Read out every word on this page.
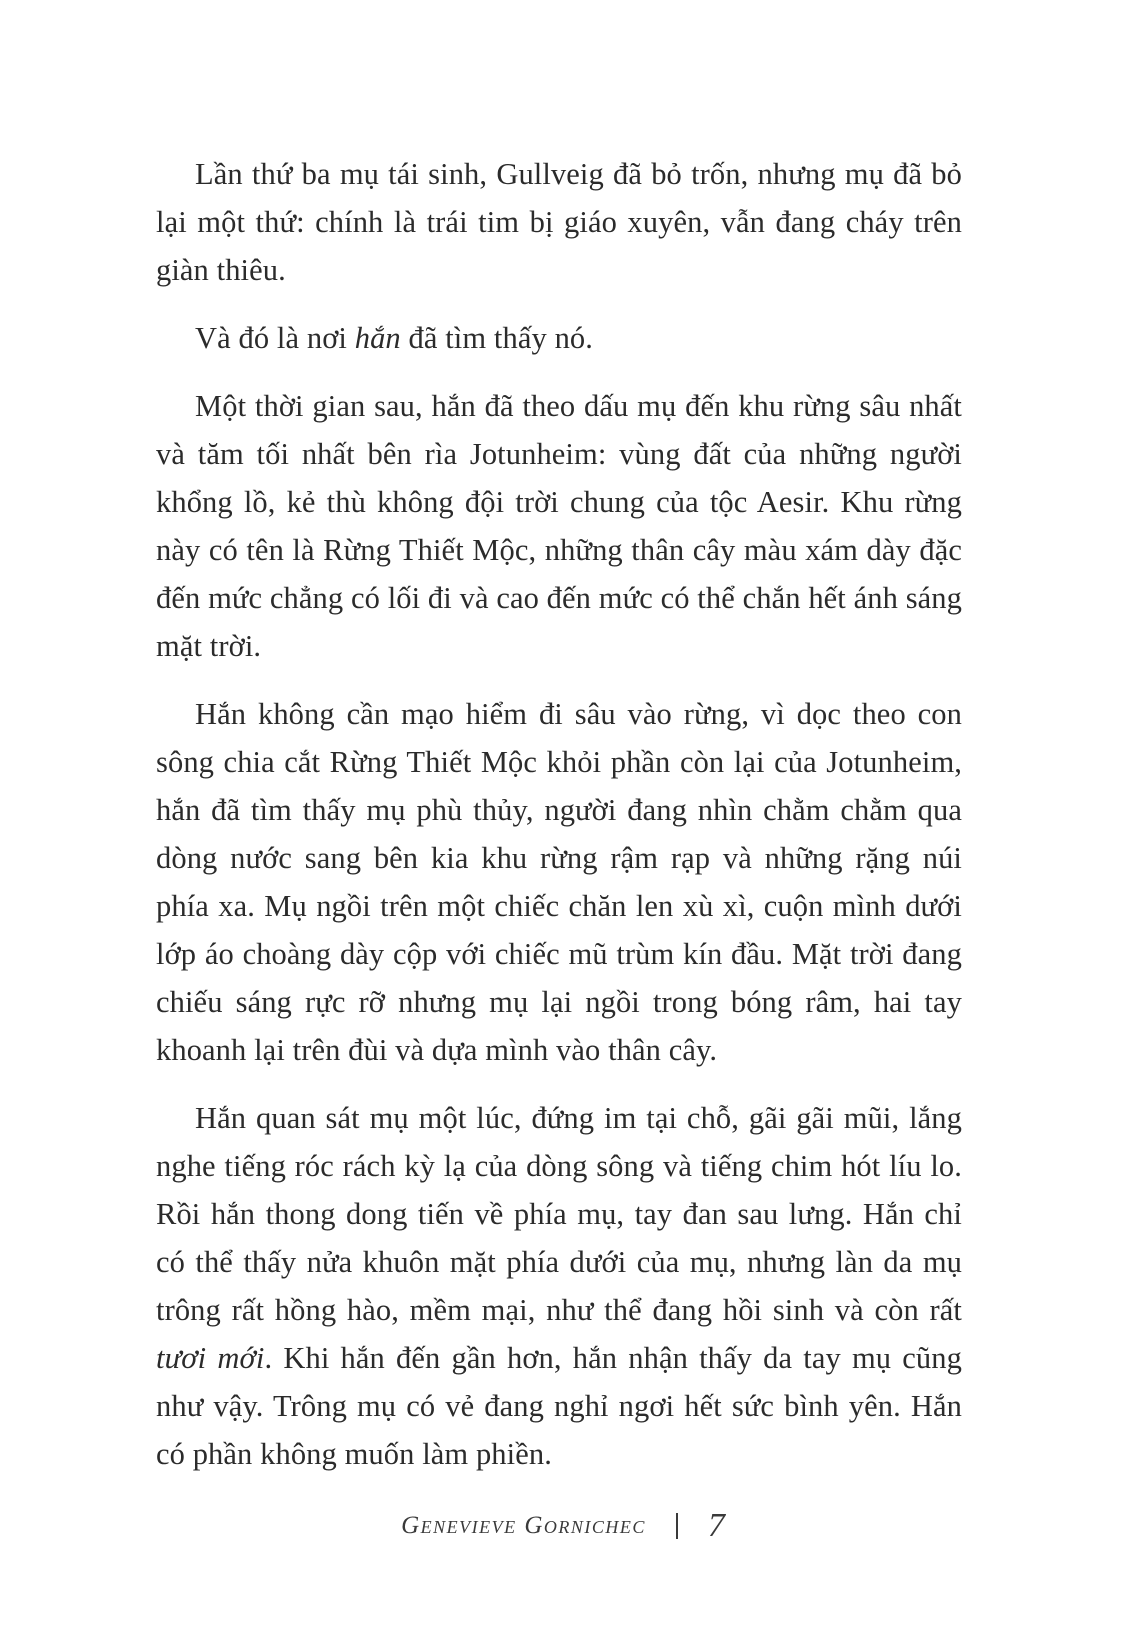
Lần thứ ba mụ tái sinh, Gullveig đã bỏ trốn, nhưng mụ đã bỏ lại một thứ: chính là trái tim bị giáo xuyên, vẫn đang cháy trên giàn thiêu.

Và đó là nơi hắn đã tìm thấy nó.

Một thời gian sau, hắn đã theo dấu mụ đến khu rừng sâu nhất và tăm tối nhất bên rìa Jotunheim: vùng đất của những người khổng lồ, kẻ thù không đội trời chung của tộc Aesir. Khu rừng này có tên là Rừng Thiết Mộc, những thân cây màu xám dày đặc đến mức chẳng có lối đi và cao đến mức có thể chắn hết ánh sáng mặt trời.

Hắn không cần mạo hiểm đi sâu vào rừng, vì dọc theo con sông chia cắt Rừng Thiết Mộc khỏi phần còn lại của Jotunheim, hắn đã tìm thấy mụ phù thủy, người đang nhìn chằm chằm qua dòng nước sang bên kia khu rừng rậm rạp và những rặng núi phía xa. Mụ ngồi trên một chiếc chăn len xù xì, cuộn mình dưới lớp áo choàng dày cộp với chiếc mũ trùm kín đầu. Mặt trời đang chiếu sáng rực rỡ nhưng mụ lại ngồi trong bóng râm, hai tay khoanh lại trên đùi và dựa mình vào thân cây.

Hắn quan sát mụ một lúc, đứng im tại chỗ, gãi gãi mũi, lắng nghe tiếng róc rách kỳ lạ của dòng sông và tiếng chim hót líu lo. Rồi hắn thong dong tiến về phía mụ, tay đan sau lưng. Hắn chỉ có thể thấy nửa khuôn mặt phía dưới của mụ, nhưng làn da mụ trông rất hồng hào, mềm mại, như thể đang hồi sinh và còn rất tươi mới. Khi hắn đến gần hơn, hắn nhận thấy da tay mụ cũng như vậy. Trông mụ có vẻ đang nghỉ ngơi hết sức bình yên. Hắn có phần không muốn làm phiền.

Genevieve Gornichec 7
